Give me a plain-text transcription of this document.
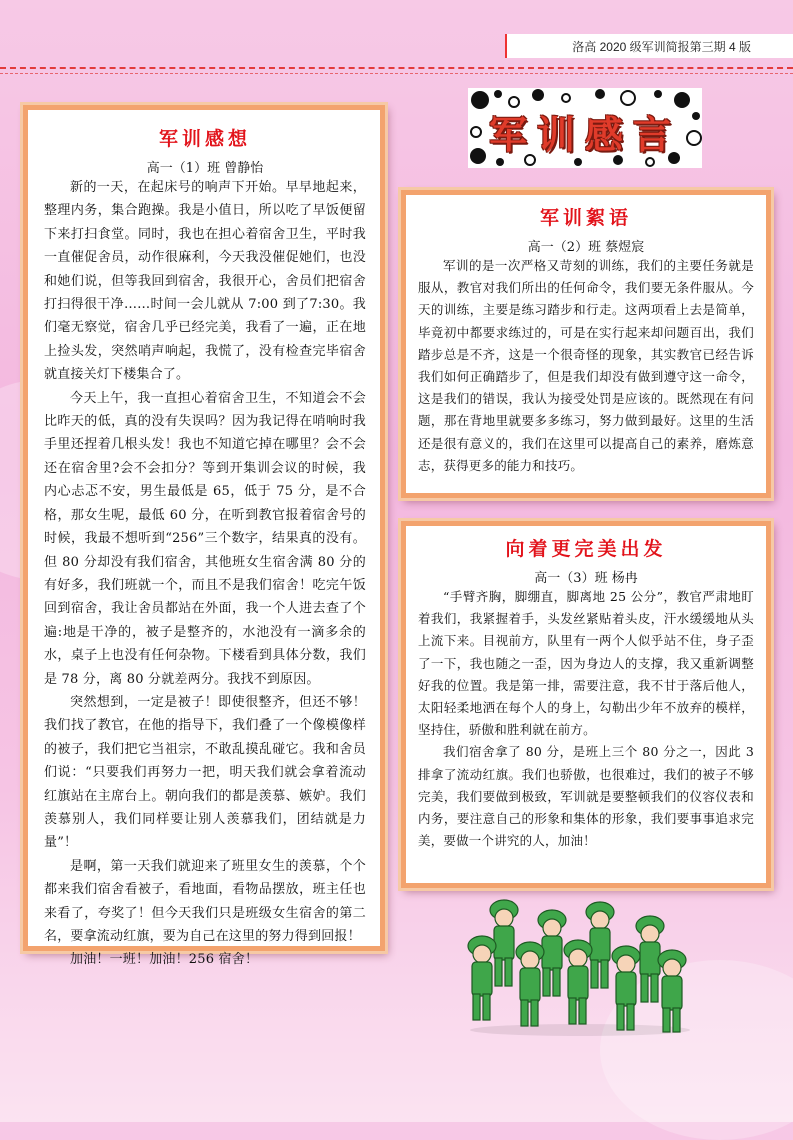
洛高 2020 级军训简报第三期 4 版
军训感言
军训感想
高一（1）班 曾静怡

新的一天，在起床号的响声下开始。早早地起来，整理内务，集合跑操。我是小值日，所以吃了早饭便留下来打扫食堂。同时，我也在担心着宿舍卫生，平时我一直催促舍员，动作很麻利，今天我没催促她们，也没和她们说，但等我回到宿舍，我很开心，舍员们把宿舍打扫得很干净……时间一会儿就从 7:00 到了7:30。我们毫无察觉，宿舍几乎已经完美，我看了一遍，正在地上捡头发，突然哨声响起，我慌了，没有检查完毕宿舍就直接关灯下楼集合了。

今天上午，我一直担心着宿舍卫生，不知道会不会比昨天的低，真的没有失误吗？因为我记得在哨响时我手里还捏着几根头发！我也不知道它掉在哪里？会不会还在宿舍里?会不会扣分？等到开集训会议的时候，我内心忐忑不安，男生最低是 65，低于 75 分，是不合格，那女生呢，最低 60 分，在听到教官报着宿舍号的时候，我最不想听到“256”三个数字，结果真的没有。但 80 分却没有我们宿舍，其他班女生宿舍满 80 分的有好多，我们班就一个，而且不是我们宿舍！吃完午饭回到宿舍，我让舍员都站在外面，我一个人进去查了个遍:地是干净的，被子是整齐的，水池没有一滴多余的水，桌子上也没有任何杂物。下楼看到具体分数，我们是 78 分，离 80 分就差两分。我找不到原因。

突然想到，一定是被子！即使很整齐，但还不够！我们找了教官，在他的指导下，我们叠了一个像模像样的被子，我们把它当祖宗，不敢乱摸乱碰它。我和舍员们说：“只要我们再努力一把，明天我们就会拿着流动红旗站在主席台上。朝向我们的都是羡慕、嫉妒。我们羡慕别人，我们同样要让别人羡慕我们，团结就是力量”！

是啊，第一天我们就迎来了班里女生的羡慕，个个都来我们宿舍看被子，看地面，看物品摆放，班主任也来看了，夸奖了！但今天我们只是班级女生宿舍的第二名，要拿流动红旗，要为自己在这里的努力得到回报！

加油！一班！加油！256 宿舍！

军训絮语
高一（2）班 蔡煜宸

军训的是一次严格又苛刻的训练，我们的主要任务就是服从，教官对我们所出的任何命令，我们要无条件服从。今天的训练，主要是练习踏步和行走。这两项看上去是简单，毕竟初中都要求练过的，可是在实行起来却问题百出，我们踏步总是不齐，这是一个很奇怪的现象，其实教官已经告诉我们如何正确踏步了，但是我们却没有做到遵守这一命令，这是我们的错误，我认为接受处罚是应该的。既然现在有问题，那在背地里就要多多练习，努力做到最好。这里的生活还是很有意义的，我们在这里可以提高自己的素养，磨炼意志，获得更多的能力和技巧。

向着更完美出发
高一（3）班 杨冉

“手臂齐胸，脚绷直，脚离地 25 公分”，教官严肃地盯着我们，我紧握着手，头发丝紧贴着头皮，汗水缓缓地从头上流下来。目视前方，队里有一两个人似乎站不住，身子歪了一下，我也随之一歪，因为身边人的支撑，我又重新调整好我的位置。我是第一排，需要注意，我不甘于落后他人，太阳轻柔地洒在每个人的身上，勾勒出少年不放弃的模样，坚持住，骄傲和胜利就在前方。

我们宿舍拿了 80 分，是班上三个 80 分之一，因此 3 排拿了流动红旗。我们也骄傲，也很难过，我们的被子不够完美，我们要做到极致，军训就是要整顿我们的仪容仪表和内务，要注意自己的形象和集体的形象，我们要事事追求完美，要做一个讲究的人，加油！
